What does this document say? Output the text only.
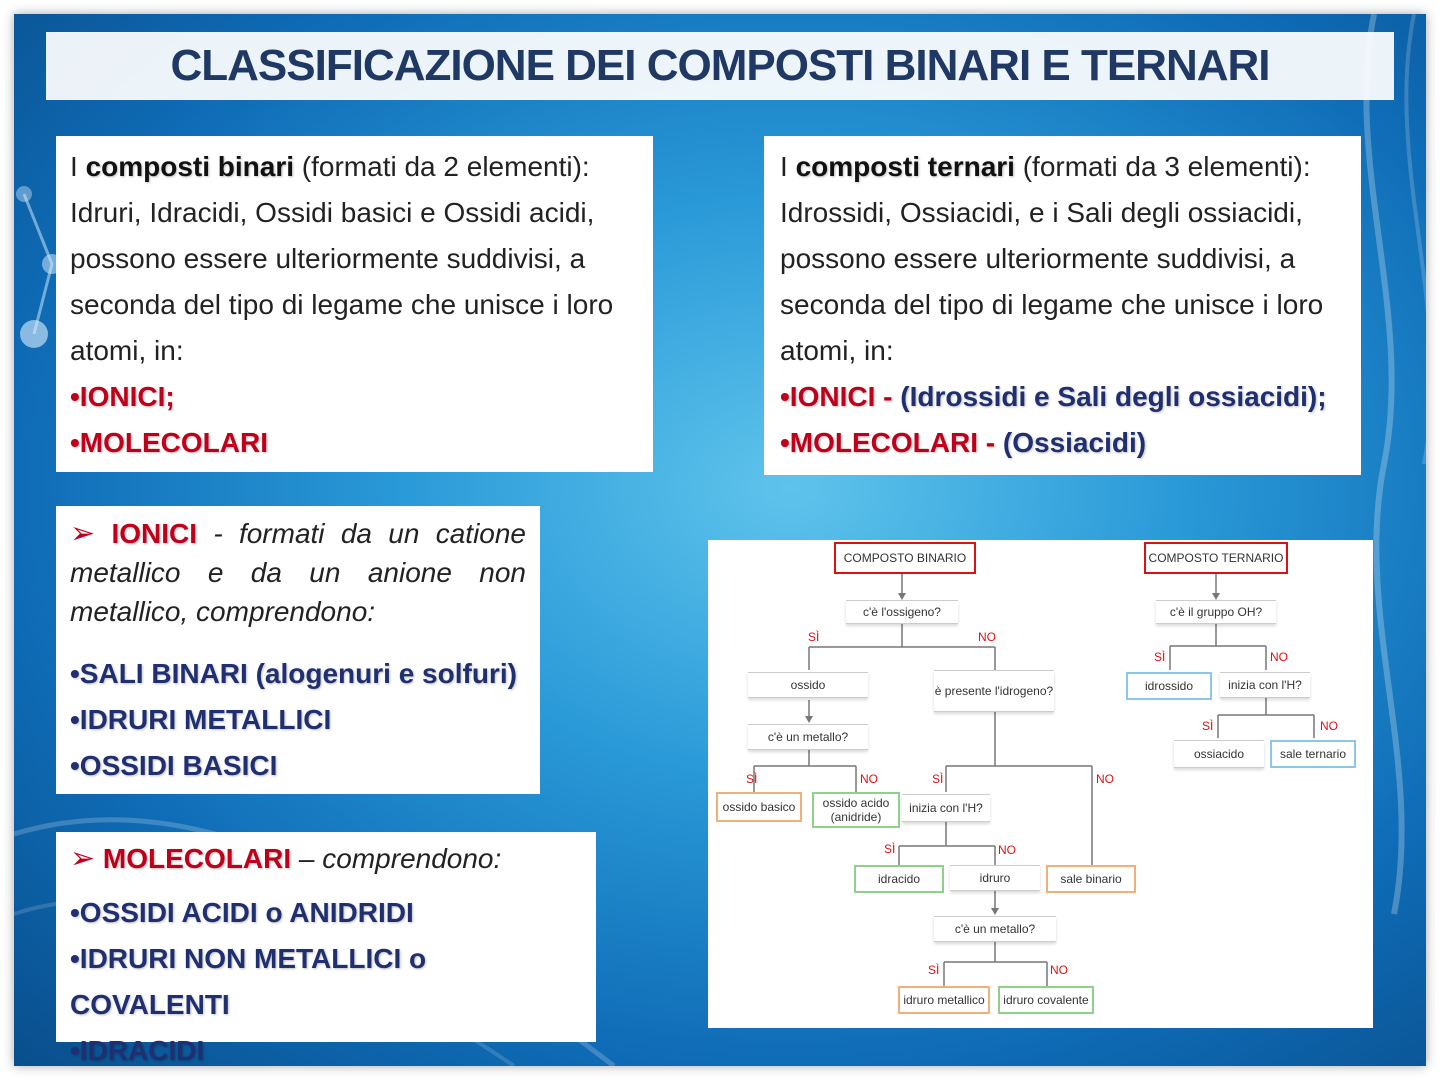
CLASSIFICAZIONE DEI COMPOSTI BINARI E TERNARI
I composti binari (formati da 2 elementi): Idruri, Idracidi, Ossidi basici e Ossidi acidi, possono essere ulteriormente suddivisi, a seconda del tipo di legame che unisce i loro atomi, in:
•IONICI;
•MOLECOLARI
I composti ternari (formati da 3 elementi): Idrossidi, Ossiacidi, e i Sali degli ossiacidi, possono essere ulteriormente suddivisi, a seconda del tipo di legame che unisce i loro atomi, in:
•IONICI - (Idrossidi e Sali degli ossiacidi);
•MOLECOLARI - (Ossiacidi)
➢ IONICI - formati da un catione metallico e da un anione non metallico, comprendono:
•SALI BINARI (alogenuri e solfuri)
•IDRURI METALLICI
•OSSIDI BASICI
➢ MOLECOLARI – comprendono:
•OSSIDI ACIDI o ANIDRIDI
•IDRURI NON METALLICI o COVALENTI
•IDRACIDI
COMPOSTO BINARIO	COMPOSTO TERNARIO
c'è l'ossigeno?	c'è il gruppo OH?
ossido	è presente l'idrogeno?
c'è un metallo?
ossido basico	ossido acido (anidride)
inizia con l'H?
idracido	idruro	sale binario
c'è un metallo?
idruro metallico	idruro covalente
idrossido	inizia con l'H?
ossiacido	sale ternario
SÌ	NO
SÌ	NO	SÌ	NO
SÌ	NO
SÌ	NO
SÌ	NO
SÌ	NO
